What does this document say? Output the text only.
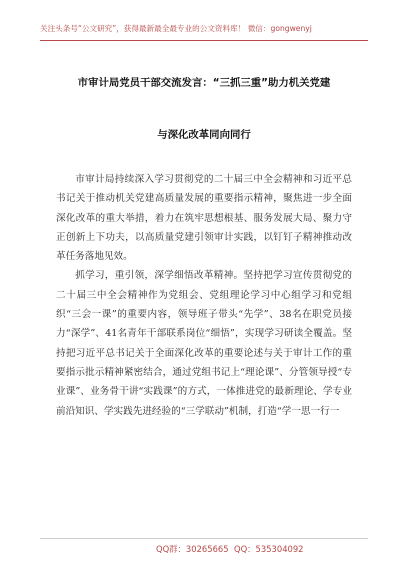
关注头条号“公文研究”，获得最新最全最专业的公文资料库！ 微信：gongwenyj
市审计局党员干部交流发言：“三抓三重”助力机关党建
与深化改革同向同行

市审计局持续深入学习贯彻党的二十届三中全会精神和习近平总书记关于推动机关党建高质量发展的重要指示精神，聚焦进一步全面深化改革的重大举措，着力在筑牢思想根基、服务发展大局、聚力守正创新上下功夫，以高质量党建引领审计实践，以钉钉子精神推动改革任务落地见效。

抓学习，重引领，深学细悟改革精神。坚持把学习宣传贯彻党的二十届三中全会精神作为党组会、党组理论学习中心组学习和党组织“三会一课”的重要内容，领导班子带头“先学”、38名在职党员接力“深学”、41名青年干部联系岗位“细悟”，实现学习研读全覆盖。坚持把习近平总书记关于全面深化改革的重要论述与关于审计工作的重要指示批示精神紧密结合，通过党组书记上“理论课”、分管领导授“专业课”、业务骨干讲“实践课”的方式，一体推进党的最新理论、学专业前沿知识、学实践先进经验的“三学联动”机制，打造“学一思一行一

QQ群：30265665 QQ：535304092
